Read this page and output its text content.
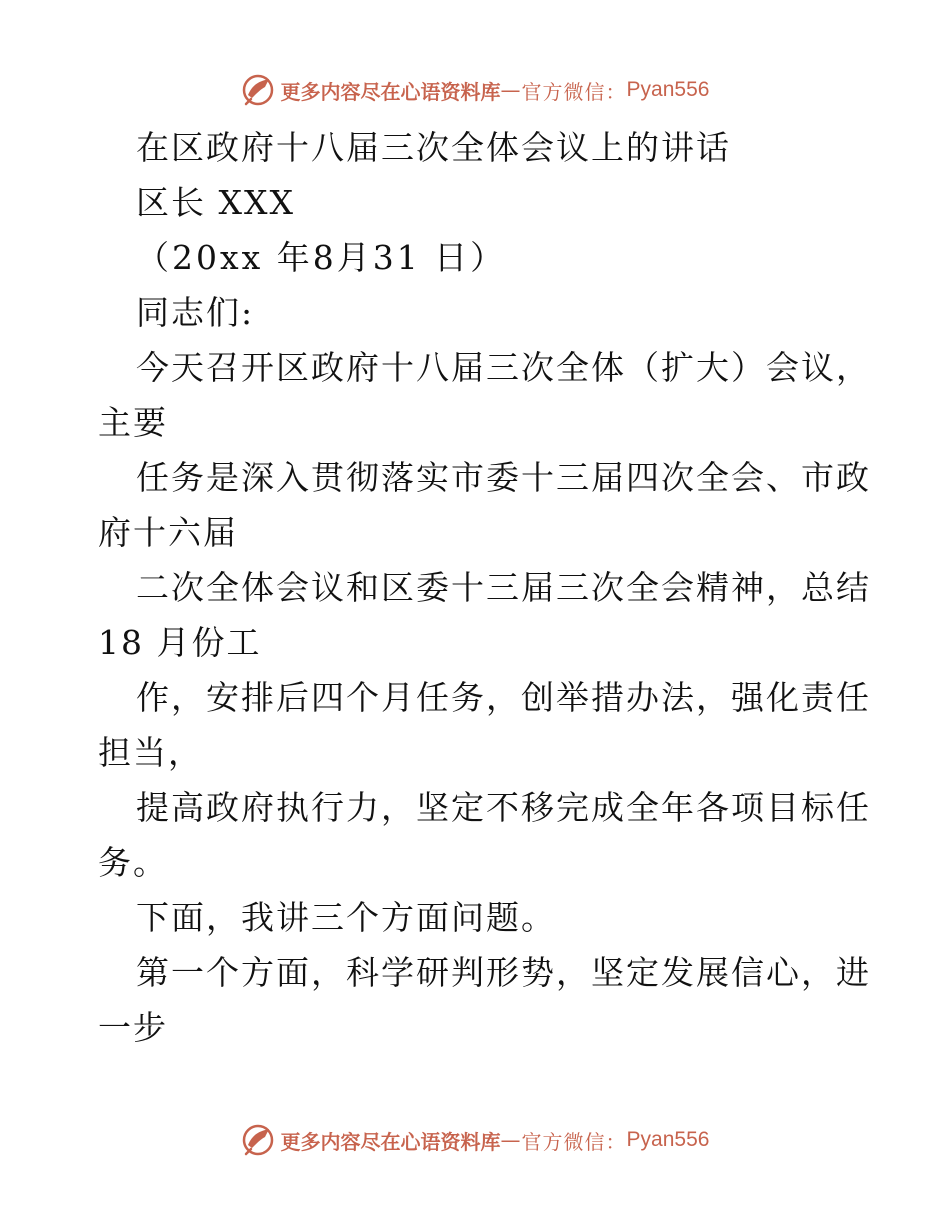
更多内容尽在心语资料库 — 官方微信： Pyan556
在区政府十八届三次全体会议上的讲话
区长 XXX
（20xx 年8月31 日）
同志们:
今天召开区政府十八届三次全体（扩大）会议，
主要
任务是深入贯彻落实市委十三届四次全会、市政
府十六届
二次全体会议和区委十三届三次全会精神，总结
18 月份工
作，安排后四个月任务，创举措办法，强化责任
担当，
提高政府执行力，坚定不移完成全年各项目标任
务。
下面，我讲三个方面问题。
第一个方面，科学研判形势，坚定发展信心，进
一步
更多内容尽在心语资料库 — 官方微信： Pyan556
